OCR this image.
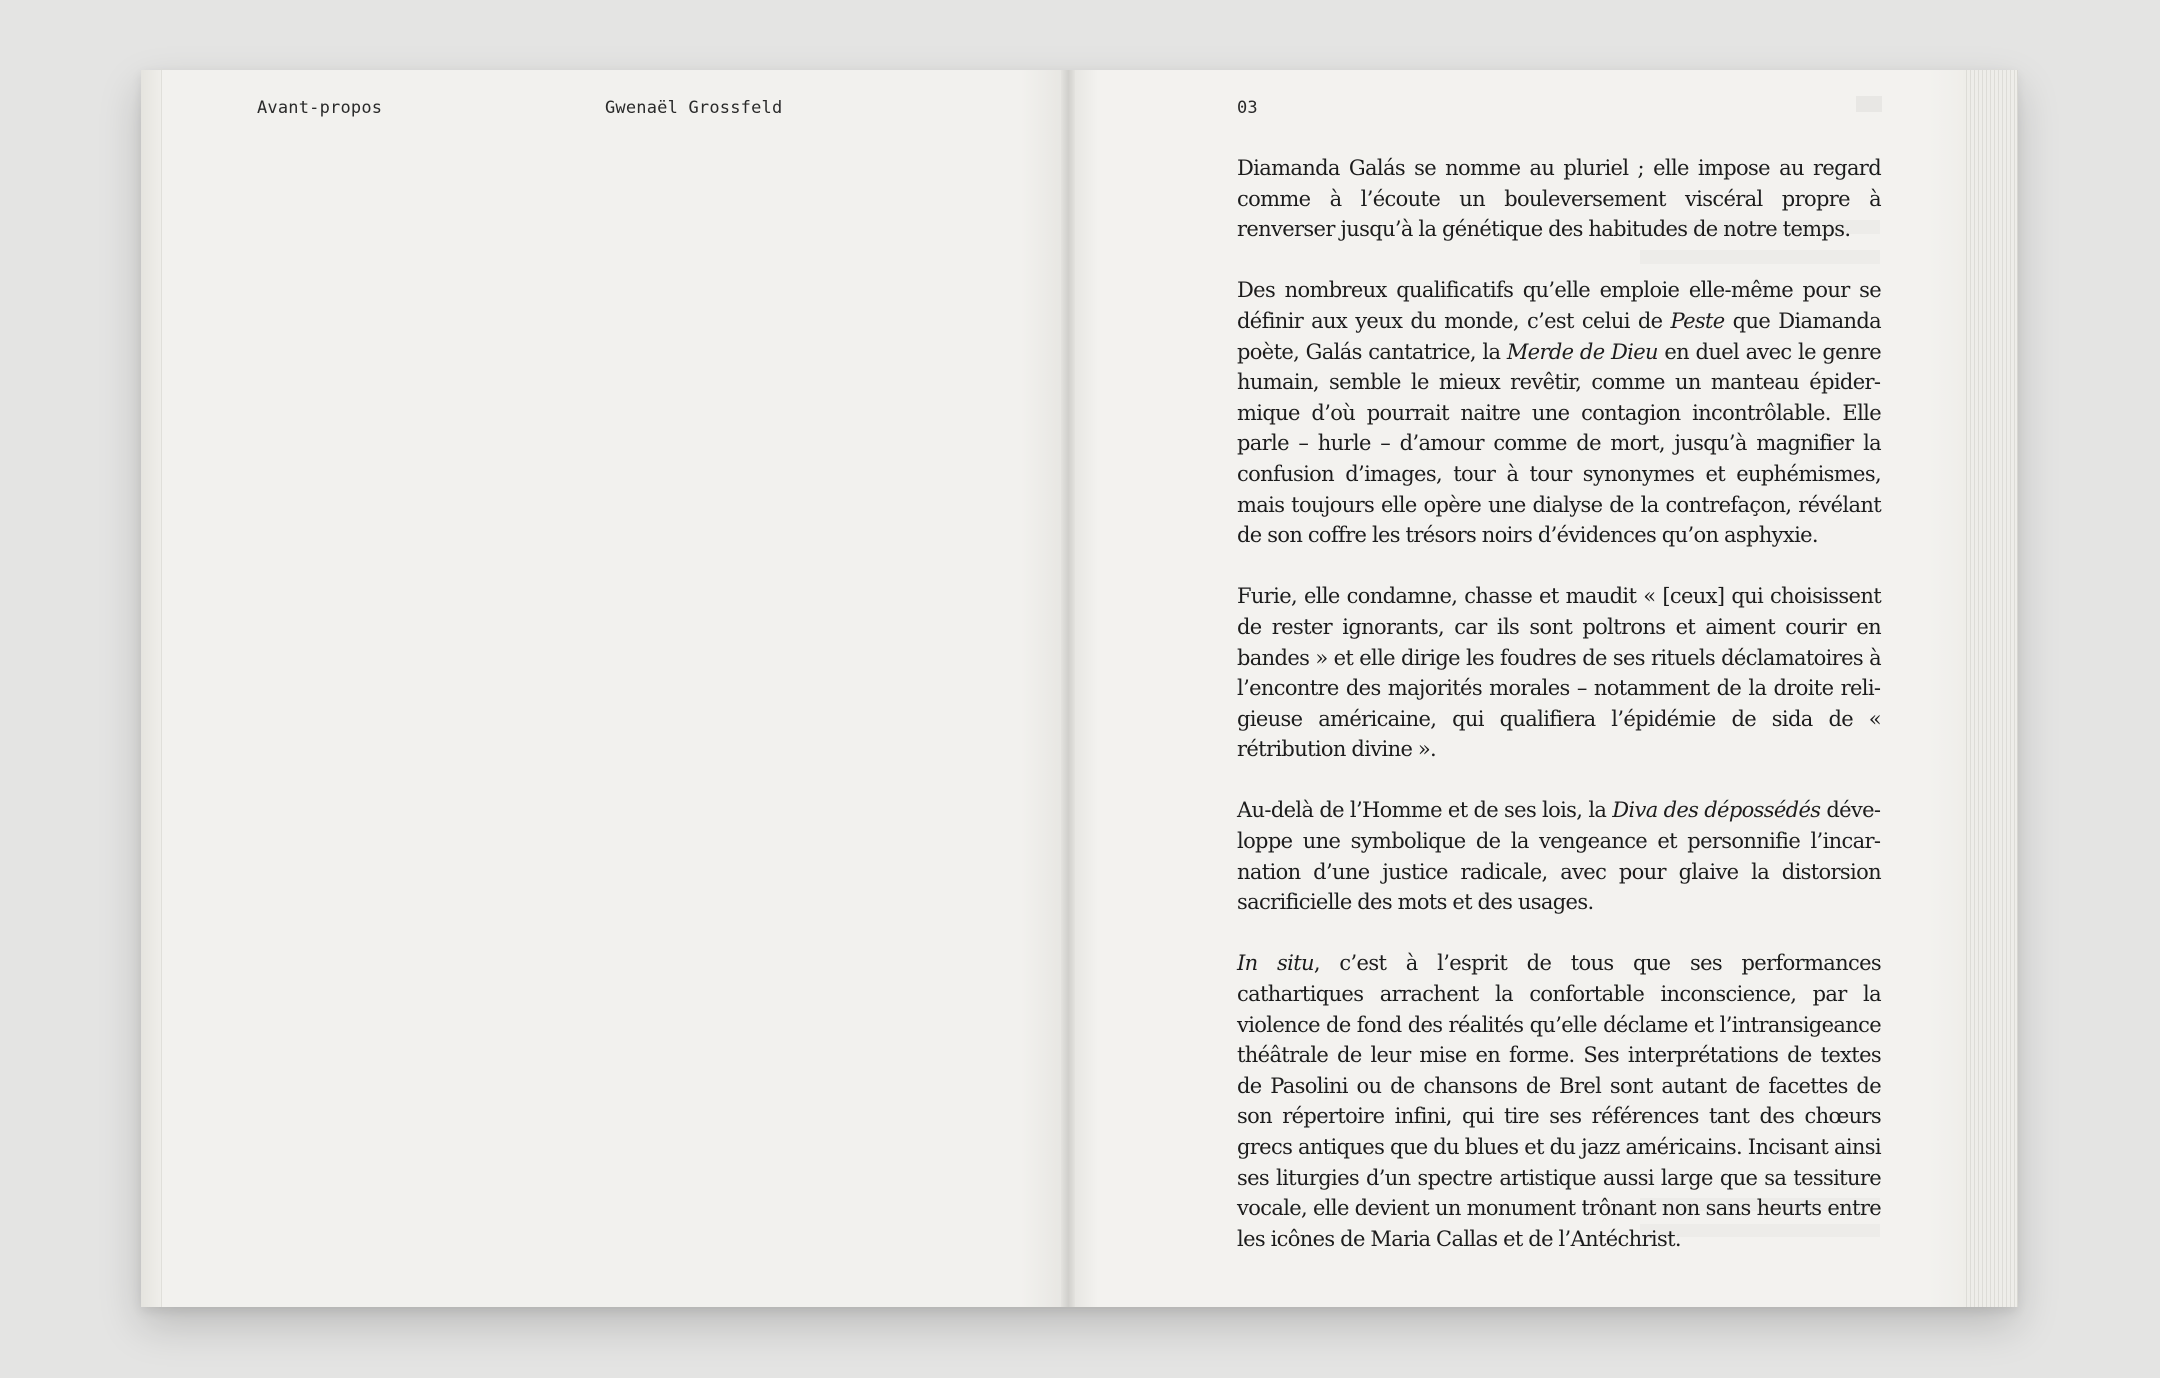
Avant-propos	Gwenaël Grossfeld	03

Diamanda Galás se nomme au pluriel ; elle impose au regard comme à l’écoute un bouleversement viscéral propre à renverser jusqu’à la génétique des habitudes de notre temps.

Des nombreux qualificatifs qu’elle emploie elle-même pour se définir aux yeux du monde, c’est celui de Peste que Diamanda poète, Galás cantatrice, la Merde de Dieu en duel avec le genre humain, semble le mieux revêtir, comme un manteau épidermique d’où pourrait naitre une contagion incontrôlable. Elle parle – hurle – d’amour comme de mort, jusqu’à magnifier la confusion d’images, tour à tour synonymes et euphémismes, mais toujours elle opère une dialyse de la contrefaçon, révélant de son coffre les trésors noirs d’évidences qu’on asphyxie.

Furie, elle condamne, chasse et maudit « [ceux] qui choisissent de rester ignorants, car ils sont poltrons et aiment courir en bandes » et elle dirige les foudres de ses rituels déclamatoires à l’encontre des majorités morales – notamment de la droite religieuse américaine, qui qualifiera l’épidémie de sida de « rétribution divine ».

Au-delà de l’Homme et de ses lois, la Diva des dépossédés développe une symbolique de la vengeance et personnifie l’incarnation d’une justice radicale, avec pour glaive la distorsion sacrificielle des mots et des usages.

In situ, c’est à l’esprit de tous que ses performances cathartiques arrachent la confortable inconscience, par la violence de fond des réalités qu’elle déclame et l’intransigeance théâtrale de leur mise en forme. Ses interprétations de textes de Pasolini ou de chansons de Brel sont autant de facettes de son répertoire infini, qui tire ses références tant des chœurs grecs antiques que du blues et du jazz américains. Incisant ainsi ses liturgies d’un spectre artistique aussi large que sa tessiture vocale, elle devient un monument trônant non sans heurts entre les icônes de Maria Callas et de l’Antéchrist.
